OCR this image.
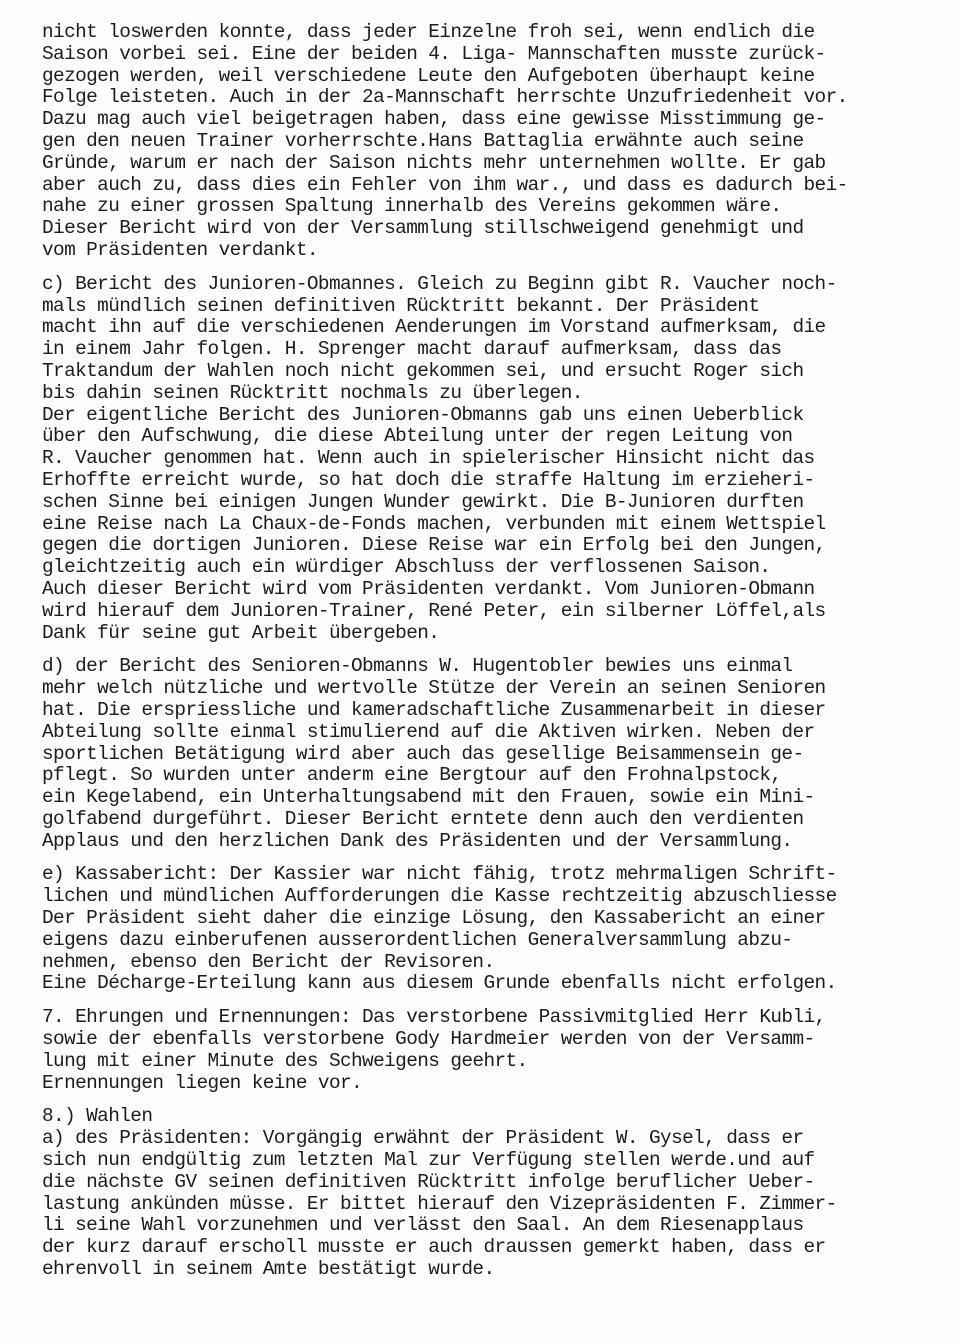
nicht loswerden konnte, dass jeder Einzelne froh sei, wenn endlich die
Saison vorbei sei. Eine der beiden 4. Liga- Mannschaften musste zurück-
gezogen werden, weil verschiedene Leute den Aufgeboten überhaupt keine
Folge leisteten. Auch in der 2a-Mannschaft herrschte Unzufriedenheit vor.
Dazu mag auch viel beigetragen haben, dass eine gewisse Misstimmung ge-
gen den neuen Trainer vorherrschte.Hans Battaglia erwähnte auch seine
Gründe, warum er nach der Saison nichts mehr unternehmen wollte. Er gab
aber auch zu, dass dies ein Fehler von ihm war., und dass es dadurch bei-
nahe zu einer grossen Spaltung innerhalb des Vereins gekommen wäre.
Dieser Bericht wird von der Versammlung stillschweigend genehmigt und
vom Präsidenten verdankt.
c) Bericht des Junioren-Obmannes. Gleich zu Beginn gibt R. Vaucher noch-
mals mündlich seinen definitiven Rücktritt bekannt. Der Präsident
macht ihn auf die verschiedenen Aenderungen im Vorstand aufmerksam, die
in einem Jahr folgen. H. Sprenger macht darauf aufmerksam, dass das
Traktandum der Wahlen noch nicht gekommen sei, und ersucht Roger sich
bis dahin seinen Rücktritt nochmals zu überlegen.
Der eigentliche Bericht des Junioren-Obmanns gab uns einen Ueberblick
über den Aufschwung, die diese Abteilung unter der regen Leitung von
R. Vaucher genommen hat. Wenn auch in spielerischer Hinsicht nicht das
Erhoffte erreicht wurde, so hat doch die straffe Haltung im erzieheri-
schen Sinne bei einigen Jungen Wunder gewirkt. Die B-Junioren durften
eine Reise nach La Chaux-de-Fonds machen, verbunden mit einem Wettspiel
gegen die dortigen Junioren. Diese Reise war ein Erfolg bei den Jungen,
gleichtzeitig auch ein würdiger Abschluss der verflossenen Saison.
Auch dieser Bericht wird vom Präsidenten verdankt. Vom Junioren-Obmann
wird hierauf dem Junioren-Trainer, René Peter, ein silberner Löffel,als
Dank für seine gut Arbeit übergeben.
d) der Bericht des Senioren-Obmanns W. Hugentobler bewies uns einmal
mehr welch nützliche und wertvolle Stütze der Verein an seinen Senioren
hat. Die erspriessliche und kameradschaftliche Zusammenarbeit in dieser
Abteilung sollte einmal stimulierend auf die Aktiven wirken. Neben der
sportlichen Betätigung wird aber auch das gesellige Beisammensein ge-
pflegt. So wurden unter anderm eine Bergtour auf den Frohnalpstock,
ein Kegelabend, ein Unterhaltungsabend mit den Frauen, sowie ein Mini-
golfabend durgeführt. Dieser Bericht erntete denn auch den verdienten
Applaus und den herzlichen Dank des Präsidenten und der Versammlung.
e) Kassabericht: Der Kassier war nicht fähig, trotz mehrmaligen Schrift-
lichen und mündlichen Aufforderungen die Kasse rechtzeitig abzuschliesse
Der Präsident sieht daher die einzige Lösung, den Kassabericht an einer
eigens dazu einberufenen ausserordentlichen Generalversammlung abzu-
nehmen, ebenso den Bericht der Revisoren.
Eine Décharge-Erteilung kann aus diesem Grunde ebenfalls nicht erfolgen.
7. Ehrungen und Ernennungen: Das verstorbene Passivmitglied Herr Kubli,
sowie der ebenfalls verstorbene Gody Hardmeier werden von der Versamm-
lung mit einer Minute des Schweigens geehrt.
Ernennungen liegen keine vor.
8.) Wahlen
a) des Präsidenten: Vorgängig erwähnt der Präsident W. Gysel, dass er
sich nun endgültig zum letzten Mal zur Verfügung stellen werde.und auf
die nächste GV seinen definitiven Rücktritt infolge beruflicher Ueber-
lastung ankünden müsse. Er bittet hierauf den Vizepräsidenten F. Zimmer-
li seine Wahl vorzunehmen und verlässt den Saal. An dem Riesenapplaus
der kurz darauf erscholl musste er auch draussen gemerkt haben, dass er
ehrenvoll in seinem Amte bestätigt wurde.
